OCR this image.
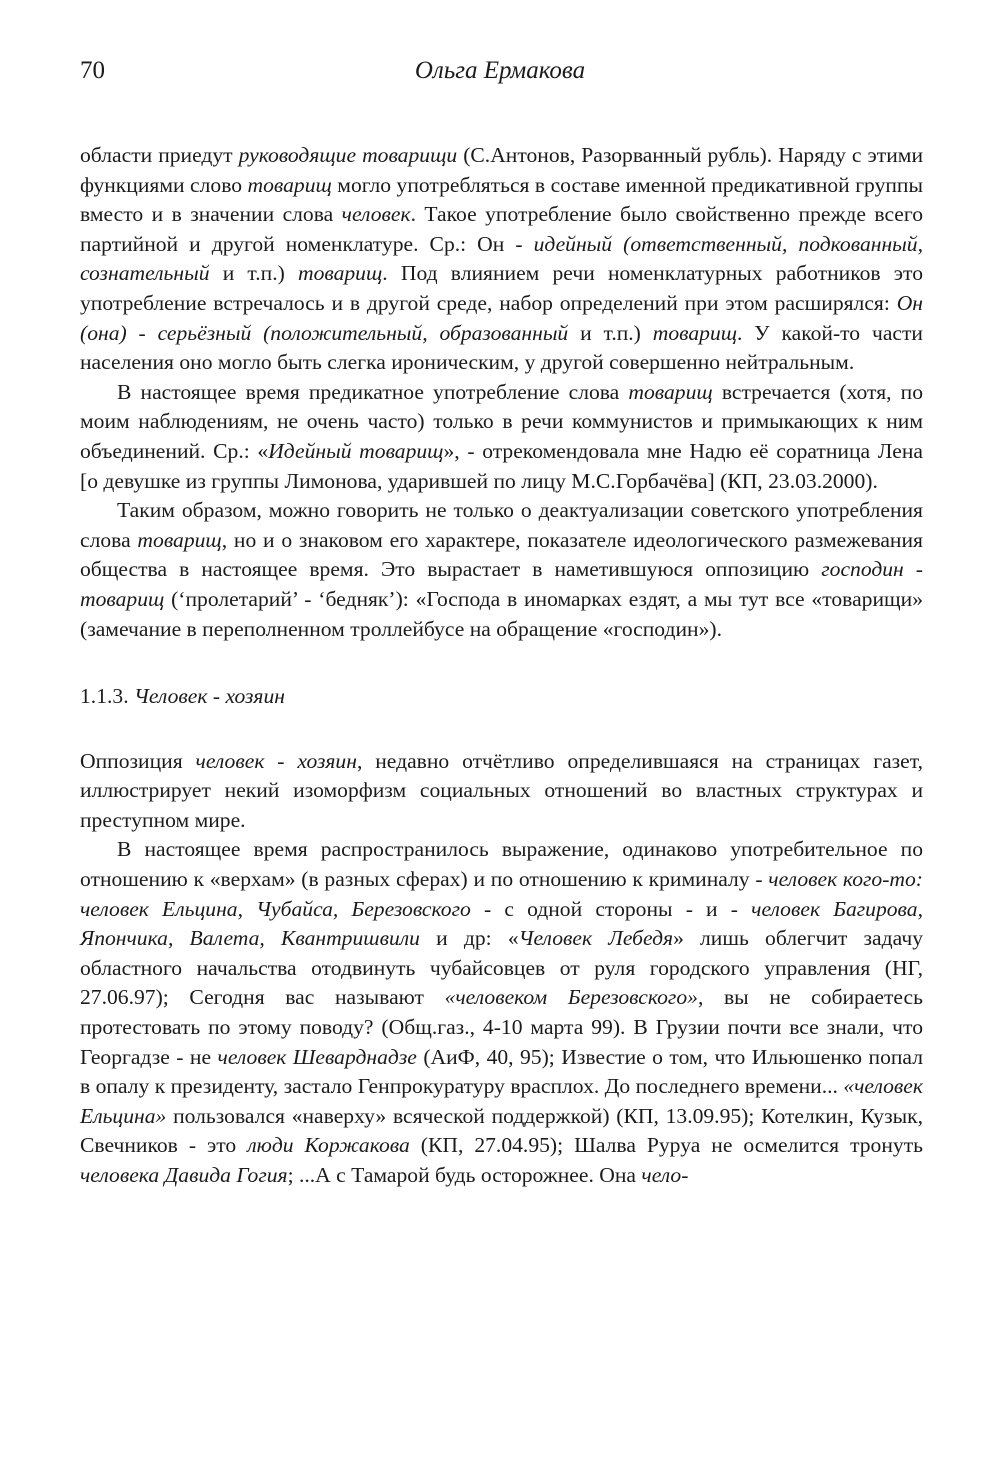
70	Ольга Ермакова

области приедут руководящие товарищи (С.Антонов, Разорванный рубль). Наряду с этими функциями слово товарищ могло употребляться в составе именной предикативной группы вместо и в значении слова человек. Такое употребление было свойственно прежде всего партийной и другой номенклатуре. Ср.: Он - идейный (ответственный, подкованный, сознательный и т.п.) товарищ. Под влиянием речи номенклатурных работников это употребление встречалось и в другой среде, набор определений при этом расширялся: Он (она) - серьёзный (положительный, образованный и т.п.) товарищ. У какой-то части населения оно могло быть слегка ироническим, у другой совершенно нейтральным.

В настоящее время предикатное употребление слова товарищ встречается (хотя, по моим наблюдениям, не очень часто) только в речи коммунистов и примыкающих к ним объединений. Ср.: «Идейный товарищ», - отрекомендовала мне Надю её соратница Лена [о девушке из группы Лимонова, ударившей по лицу М.С.Горбачёва] (КП, 23.03.2000).

Таким образом, можно говорить не только о деактуализации советского употребления слова товарищ, но и о знаковом его характере, показателе идеологического размежевания общества в настоящее время. Это вырастает в наметившуюся оппозицию господин - товарищ (‘пролетарий’ - ‘бедняк’): «Господа в иномарках ездят, а мы тут все «товарищи» (замечание в переполненном троллейбусе на обращение «господин»).

1.1.3. Человек - хозяин

Оппозиция человек - хозяин, недавно отчётливо определившаяся на страницах газет, иллюстрирует некий изоморфизм социальных отношений во властных структурах и преступном мире.

В настоящее время распространилось выражение, одинаково употребительное по отношению к «верхам» (в разных сферах) и по отношению к криминалу - человек кого-то: человек Ельцина, Чубайса, Березовского - с одной стороны - и - человек Багирова, Япончика, Валета, Квантришвили и др: «Человек Лебедя» лишь облегчит задачу областного начальства отодвинуть чубайсовцев от руля городского управления (НГ, 27.06.97); Сегодня вас называют «человеком Березовского», вы не собираетесь протестовать по этому поводу? (Общ.газ., 4-10 марта 99). В Грузии почти все знали, что Георгадзе - не человек Шеварднадзе (АиФ, 40, 95); Известие о том, что Ильюшенко попал в опалу к президенту, застало Генпрокуратуру врасплох. До последнего времени... «человек Ельцина» пользовался «наверху» всяческой поддержкой) (КП, 13.09.95); Котелкин, Кузык, Свечников - это люди Коржакова (КП, 27.04.95); Шалва Руруа не осмелится тронуть человека Давида Гогия; ...А с Тамарой будь осторожнее. Она чело-
